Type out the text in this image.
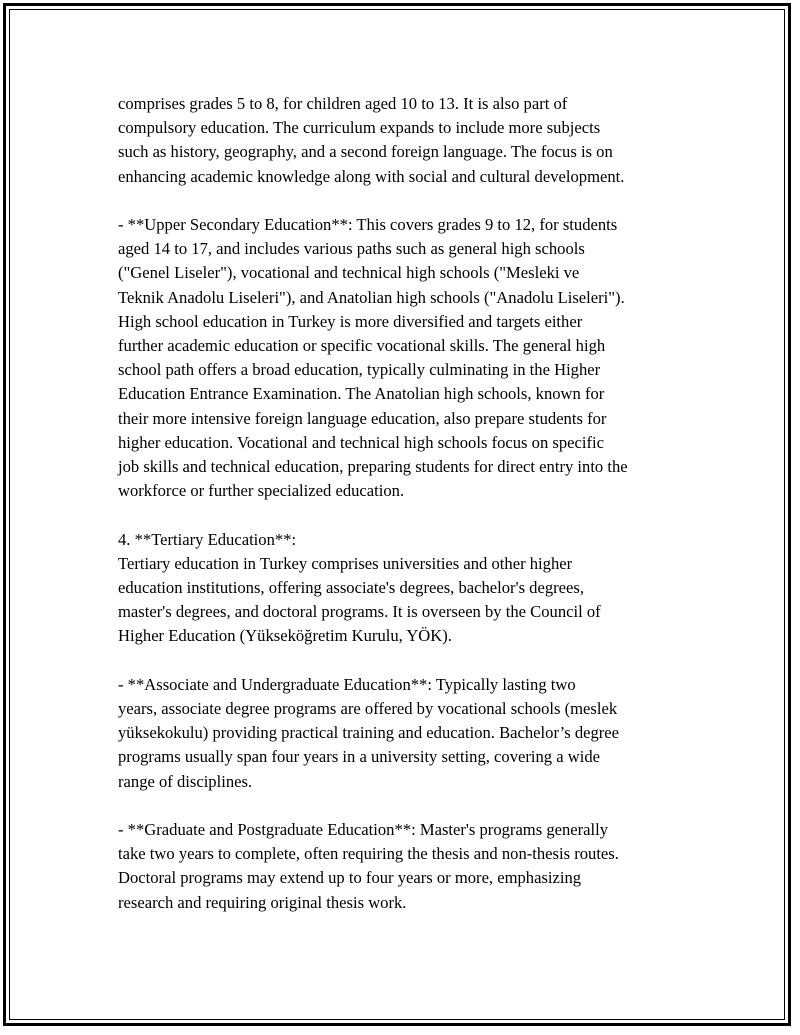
comprises grades 5 to 8, for children aged 10 to 13. It is also part of
compulsory education. The curriculum expands to include more subjects
such as history, geography, and a second foreign language. The focus is on
enhancing academic knowledge along with social and cultural development.

- **Upper Secondary Education**: This covers grades 9 to 12, for students
aged 14 to 17, and includes various paths such as general high schools
("Genel Liseler"), vocational and technical high schools ("Mesleki ve
Teknik Anadolu Liseleri"), and Anatolian high schools ("Anadolu Liseleri").
High school education in Turkey is more diversified and targets either
further academic education or specific vocational skills. The general high
school path offers a broad education, typically culminating in the Higher
Education Entrance Examination. The Anatolian high schools, known for
their more intensive foreign language education, also prepare students for
higher education. Vocational and technical high schools focus on specific
job skills and technical education, preparing students for direct entry into the
workforce or further specialized education.

4. **Tertiary Education**:
Tertiary education in Turkey comprises universities and other higher
education institutions, offering associate's degrees, bachelor's degrees,
master's degrees, and doctoral programs. It is overseen by the Council of
Higher Education (Yükseköğretim Kurulu, YÖK).

- **Associate and Undergraduate Education**: Typically lasting two
years, associate degree programs are offered by vocational schools (meslek
yüksekokulu) providing practical training and education. Bachelor’s degree
programs usually span four years in a university setting, covering a wide
range of disciplines.

- **Graduate and Postgraduate Education**: Master's programs generally
take two years to complete, often requiring the thesis and non-thesis routes.
Doctoral programs may extend up to four years or more, emphasizing
research and requiring original thesis work.
